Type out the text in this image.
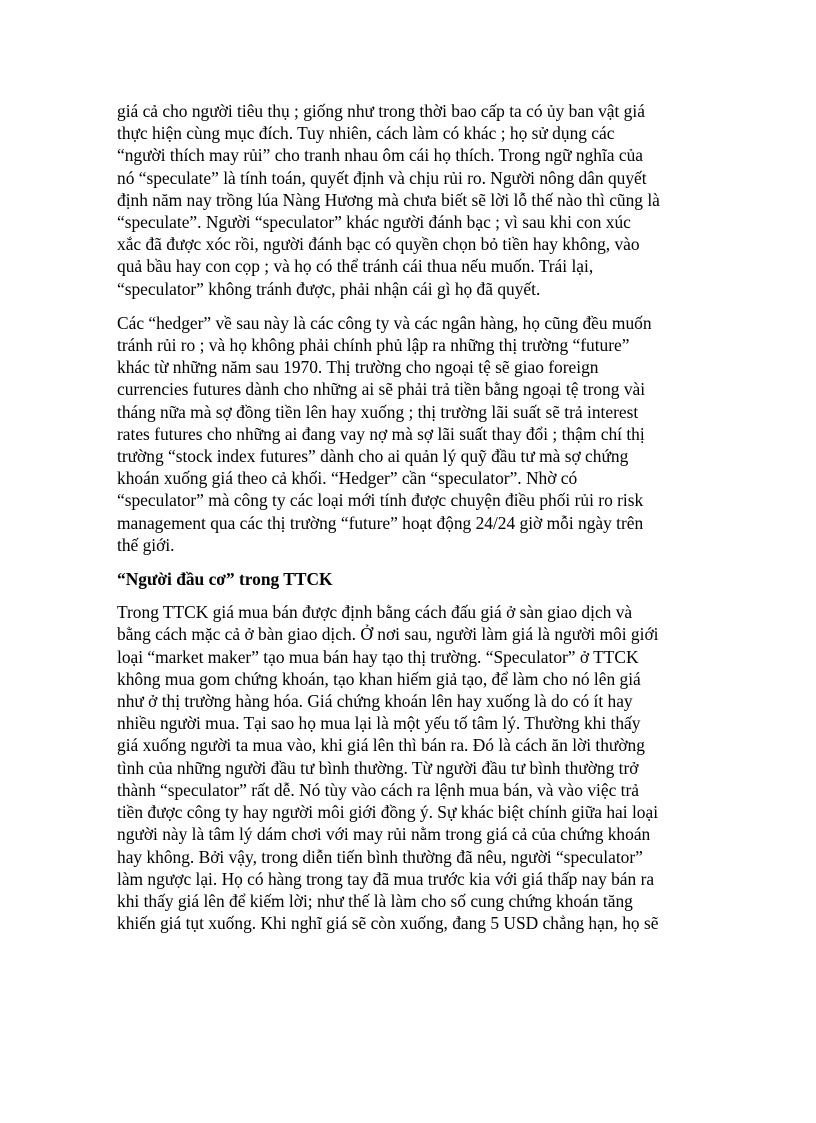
giá cả cho người tiêu thụ ; giống như trong thời bao cấp ta có ủy ban vật giá
thực hiện cùng mục đích. Tuy nhiên, cách làm có khác ; họ sử dụng các
“người thích may rủi” cho tranh nhau ôm cái họ thích. Trong ngữ nghĩa của
nó “speculate” là tính toán, quyết định và chịu rủi ro. Người nông dân quyết
định năm nay trồng lúa Nàng Hương mà chưa biết sẽ lời lỗ thế nào thì cũng là
“speculate”. Người “speculator” khác người đánh bạc ; vì sau khi con xúc
xắc đã được xóc rồi, người đánh bạc có quyền chọn bỏ tiền hay không, vào
quả bầu hay con cọp ; và họ có thể tránh cái thua nếu muốn. Trái lại,
“speculator” không tránh được, phải nhận cái gì họ đã quyết.
Các “hedger” về sau này là các công ty và các ngân hàng, họ cũng đều muốn
tránh rủi ro ; và họ không phải chính phủ lập ra những thị trường “future”
khác từ những năm sau 1970. Thị trường cho ngoại tệ sẽ giao foreign
currencies futures dành cho những ai sẽ phải trả tiền bằng ngoại tệ trong vài
tháng nữa mà sợ đồng tiền lên hay xuống ; thị trường lãi suất sẽ trả interest
rates futures cho những ai đang vay nợ mà sợ lãi suất thay đổi ; thậm chí thị
trường “stock index futures” dành cho ai quản lý quỹ đầu tư mà sợ chứng
khoán xuống giá theo cả khối. “Hedger” cần “speculator”. Nhờ có
“speculator” mà công ty các loại mới tính được chuyện điều phối rủi ro risk
management qua các thị trường “future” hoạt động 24/24 giờ mỗi ngày trên
thế giới.
“Người đầu cơ” trong TTCK
Trong TTCK giá mua bán được định bằng cách đấu giá ở sàn giao dịch và
bằng cách mặc cả ở bàn giao dịch. Ở nơi sau, người làm giá là người môi giới
loại “market maker” tạo mua bán hay tạo thị trường. “Speculator” ở TTCK
không mua gom chứng khoán, tạo khan hiếm giả tạo, để làm cho nó lên giá
như ở thị trường hàng hóa. Giá chứng khoán lên hay xuống là do có ít hay
nhiều người mua. Tại sao họ mua lại là một yếu tố tâm lý. Thường khi thấy
giá xuống người ta mua vào, khi giá lên thì bán ra. Đó là cách ăn lời thường
tình của những người đầu tư bình thường. Từ người đầu tư bình thường trở
thành “speculator” rất dễ. Nó tùy vào cách ra lệnh mua bán, và vào việc trả
tiền được công ty hay người môi giới đồng ý. Sự khác biệt chính giữa hai loại
người này là tâm lý dám chơi với may rủi nằm trong giá cả của chứng khoán
hay không. Bởi vậy, trong diễn tiến bình thường đã nêu, người “speculator”
làm ngược lại. Họ có hàng trong tay đã mua trước kia với giá thấp nay bán ra
khi thấy giá lên để kiếm lời; như thế là làm cho số cung chứng khoán tăng
khiến giá tụt xuống. Khi nghĩ giá sẽ còn xuống, đang 5 USD chẳng hạn, họ sẽ
